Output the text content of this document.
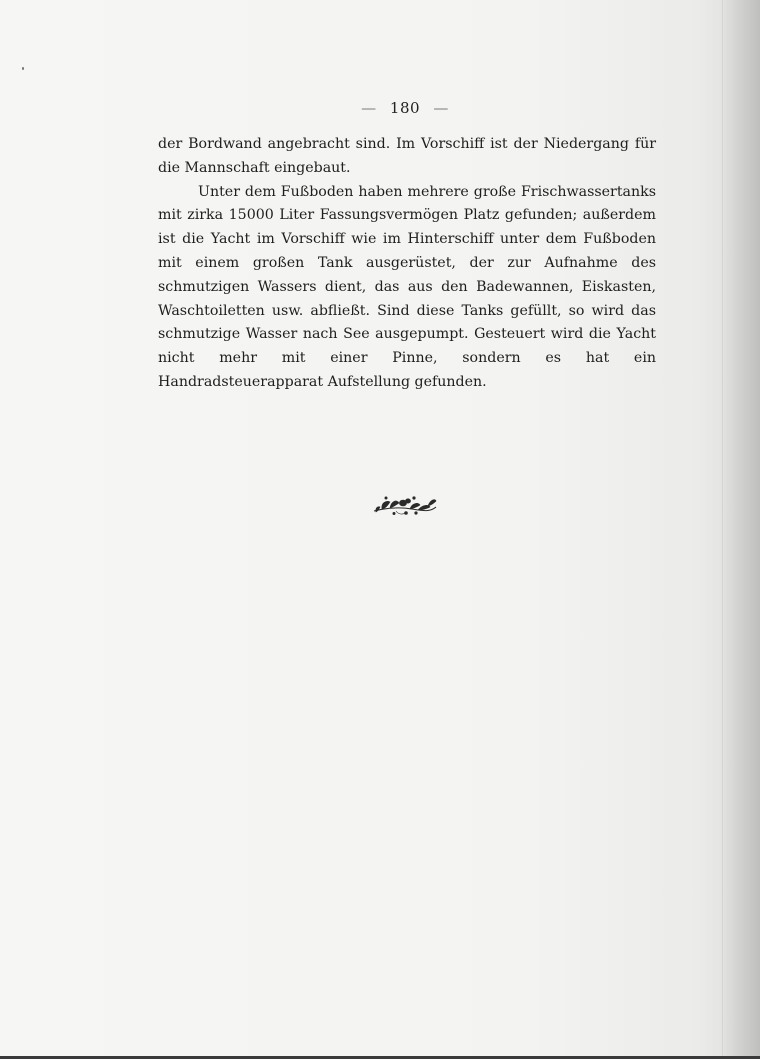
— 180 —

der Bordwand angebracht sind. Im Vorschiff ist der Niedergang für die Mannschaft eingebaut.

Unter dem Fußboden haben mehrere große Frischwassertanks mit zirka 15000 Liter Fassungsvermögen Platz gefunden; außerdem ist die Yacht im Vorschiff wie im Hinterschiff unter dem Fußboden mit einem großen Tank ausgerüstet, der zur Aufnahme des schmutzigen Wassers dient, das aus den Badewannen, Eiskasten, Waschtoiletten usw. abfließt. Sind diese Tanks gefüllt, so wird das schmutzige Wasser nach See ausgepumpt. Gesteuert wird die Yacht nicht mehr mit einer Pinne, sondern es hat ein Handradsteuerapparat Aufstellung gefunden.
